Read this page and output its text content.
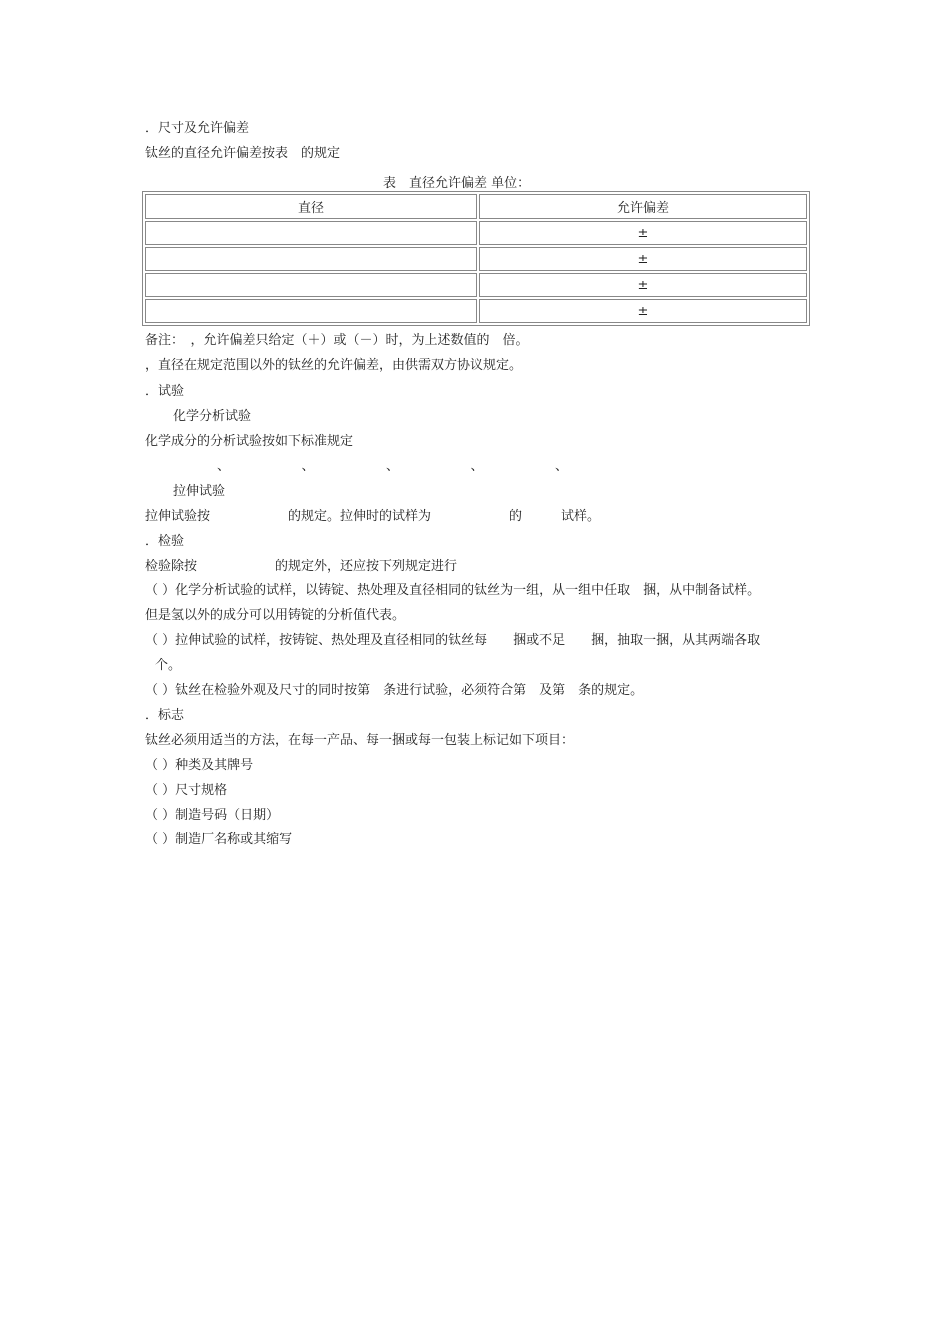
．尺寸及允许偏差
钛丝的直径允许偏差按表　的规定
表　直径允许偏差 单位：
直径	允许偏差
	±
	±
	±
	±
备注：　，允许偏差只给定（＋）或（－）时，为上述数值的　倍。
，直径在规定范围以外的钛丝的允许偏差，由供需双方协议规定。
．试验
化学分析试验
化学成分的分析试验按如下标准规定
、　　　　　　、　　　　　　、　　　　　　、　　　　　　、
拉伸试验
拉伸试验按　　　　　　的规定。拉伸时的试样为　　　　　　的　　　试样。
．检验
检验除按　　　　　　的规定外，还应按下列规定进行
（ ）化学分析试验的试样，以铸锭、热处理及直径相同的钛丝为一组，从一组中任取　捆，从中制备试样。
但是氢以外的成分可以用铸锭的分析值代表。
（ ）拉伸试验的试样，按铸锭、热处理及直径相同的钛丝每　　捆或不足　　捆，抽取一捆，从其两端各取
个。
（ ）钛丝在检验外观及尺寸的同时按第　条进行试验，必须符合第　及第　条的规定。
．标志
钛丝必须用适当的方法，在每一产品、每一捆或每一包装上标记如下项目：
（ ）种类及其牌号
（ ）尺寸规格
（ ）制造号码（日期）
（ ）制造厂名称或其缩写
